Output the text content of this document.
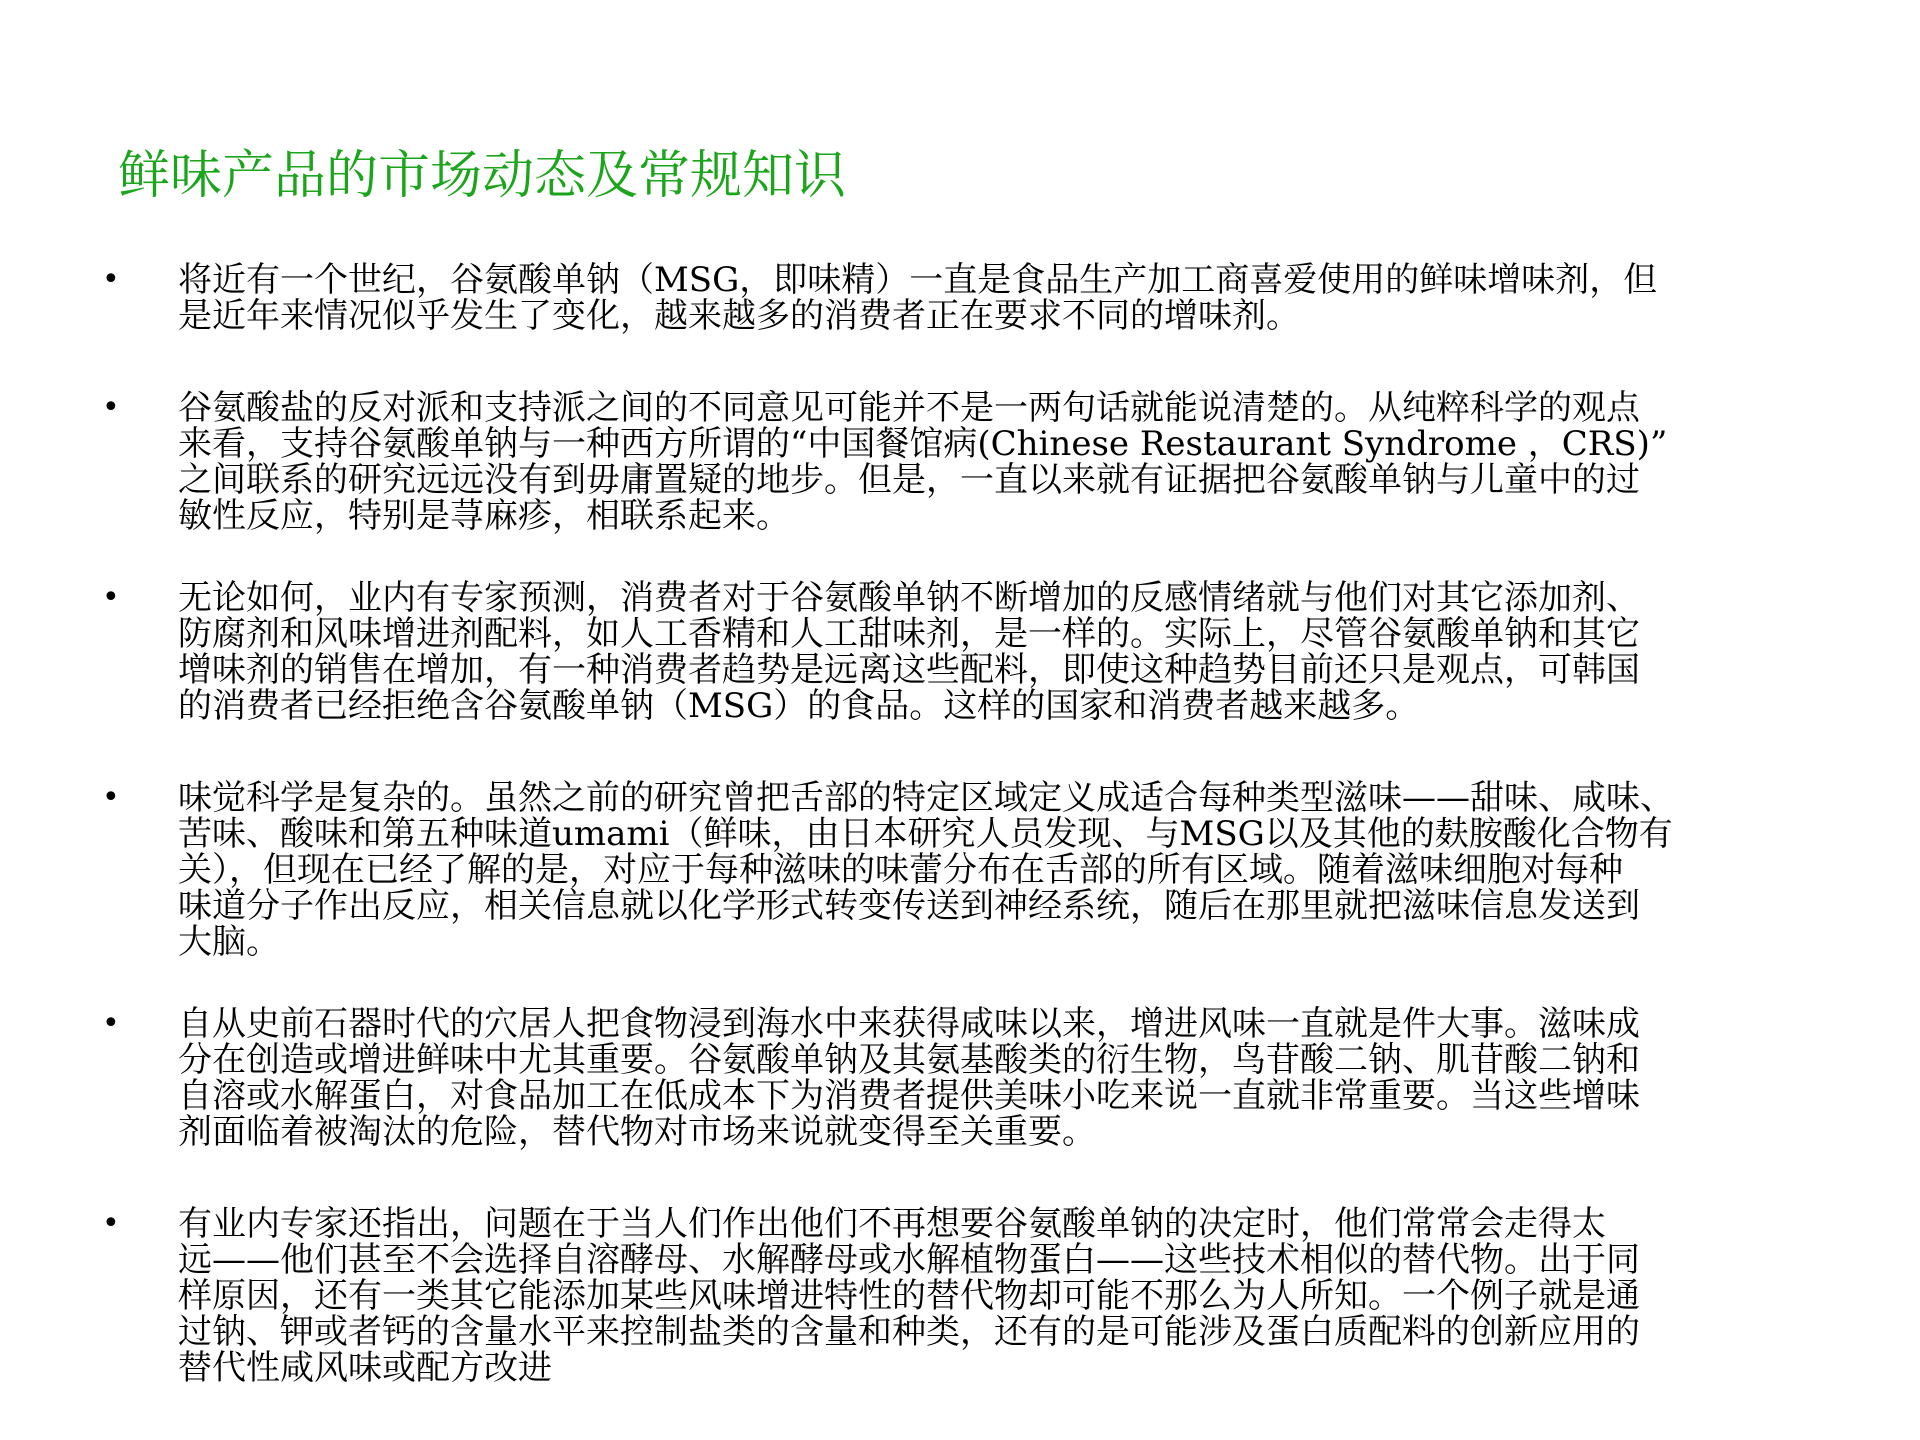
鲜味产品的市场动态及常规知识
• 将近有一个世纪，谷氨酸单钠（MSG，即味精）一直是食品生产加工商喜爱使用的鲜味增味剂，但
是近年来情况似乎发生了变化，越来越多的消费者正在要求不同的增味剂。
• 谷氨酸盐的反对派和支持派之间的不同意见可能并不是一两句话就能说清楚的。从纯粹科学的观点
来看，支持谷氨酸单钠与一种西方所谓的“中国餐馆病(Chinese Restaurant Syndrome ，CRS)”
之间联系的研究远远没有到毋庸置疑的地步。但是，一直以来就有证据把谷氨酸单钠与儿童中的过
敏性反应，特别是荨麻疹，相联系起来。
• 无论如何，业内有专家预测，消费者对于谷氨酸单钠不断增加的反感情绪就与他们对其它添加剂、
防腐剂和风味增进剂配料，如人工香精和人工甜味剂，是一样的。实际上，尽管谷氨酸单钠和其它
增味剂的销售在增加，有一种消费者趋势是远离这些配料，即使这种趋势目前还只是观点，可韩国
的消费者已经拒绝含谷氨酸单钠（MSG）的食品。这样的国家和消费者越来越多。
• 味觉科学是复杂的。虽然之前的研究曾把舌部的特定区域定义成适合每种类型滋味——甜味、咸味、
苦味、酸味和第五种味道umami（鲜味，由日本研究人员发现、与MSG以及其他的麸胺酸化合物有
关），但现在已经了解的是，对应于每种滋味的味蕾分布在舌部的所有区域。随着滋味细胞对每种
味道分子作出反应，相关信息就以化学形式转变传送到神经系统，随后在那里就把滋味信息发送到
大脑。
• 自从史前石器时代的穴居人把食物浸到海水中来获得咸味以来，增进风味一直就是件大事。滋味成
分在创造或增进鲜味中尤其重要。谷氨酸单钠及其氨基酸类的衍生物，鸟苷酸二钠、肌苷酸二钠和
自溶或水解蛋白，对食品加工在低成本下为消费者提供美味小吃来说一直就非常重要。当这些增味
剂面临着被淘汰的危险，替代物对市场来说就变得至关重要。
• 有业内专家还指出，问题在于当人们作出他们不再想要谷氨酸单钠的决定时，他们常常会走得太
远——他们甚至不会选择自溶酵母、水解酵母或水解植物蛋白——这些技术相似的替代物。出于同
样原因，还有一类其它能添加某些风味增进特性的替代物却可能不那么为人所知。一个例子就是通
过钠、钾或者钙的含量水平来控制盐类的含量和种类，还有的是可能涉及蛋白质配料的创新应用的
替代性咸风味或配方改进
